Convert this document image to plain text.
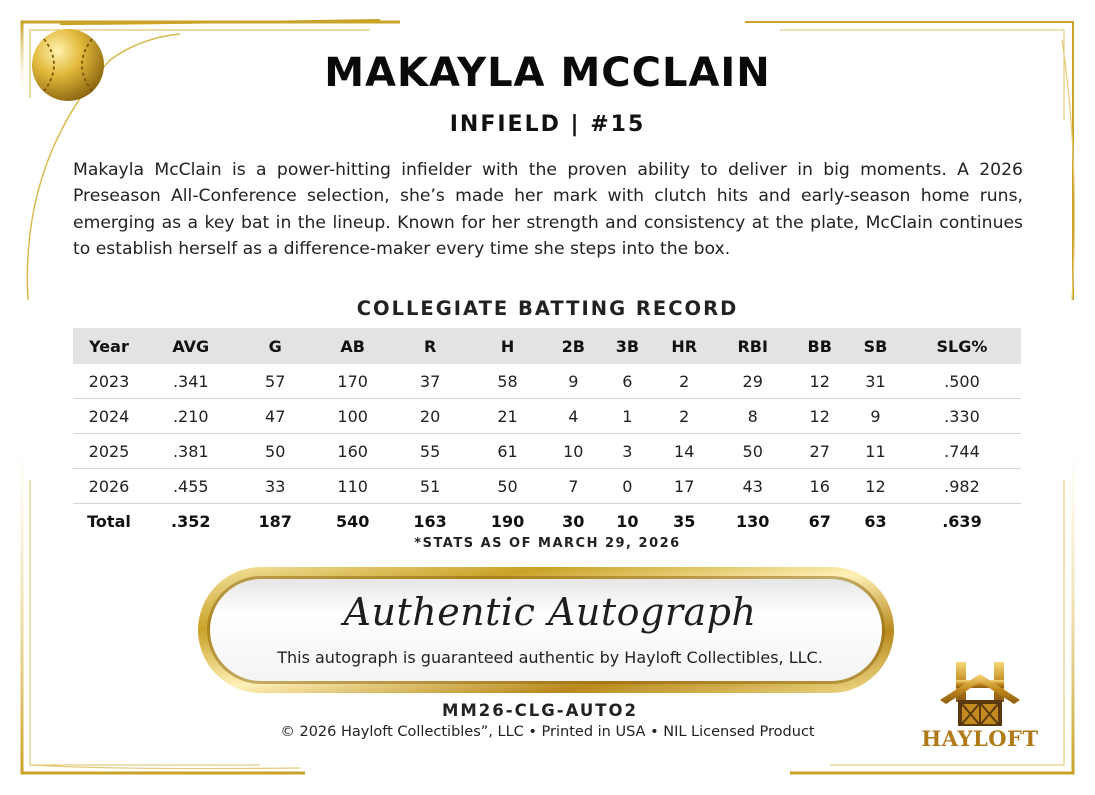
MAKAYLA MCCLAIN
INFIELD | #15
Makayla McClain is a power-hitting infielder with the proven ability to deliver in big moments. A 2026 Preseason All-Conference selection, she’s made her mark with clutch hits and early-season home runs, emerging as a key bat in the lineup. Known for her strength and consistency at the plate, McClain continues to establish herself as a difference-maker every time she steps into the box.
COLLEGIATE BATTING RECORD
Year	AVG	G	AB	R	H	2B	3B	HR	RBI	BB	SB	SLG%
2023	.341	57	170	37	58	9	6	2	29	12	31	.500
2024	.210	47	100	20	21	4	1	2	8	12	9	.330
2025	.381	50	160	55	61	10	3	14	50	27	11	.744
2026	.455	33	110	51	50	7	0	17	43	16	12	.982
Total	.352	187	540	163	190	30	10	35	130	67	63	.639
*STATS AS OF MARCH 29, 2026
Authentic Autograph
This autograph is guaranteed authentic by Hayloft Collectibles, LLC.
MM26-CLG-AUTO2
© 2026 Hayloft Collectibles”, LLC • Printed in USA • NIL Licensed Product	HAYLOFT
